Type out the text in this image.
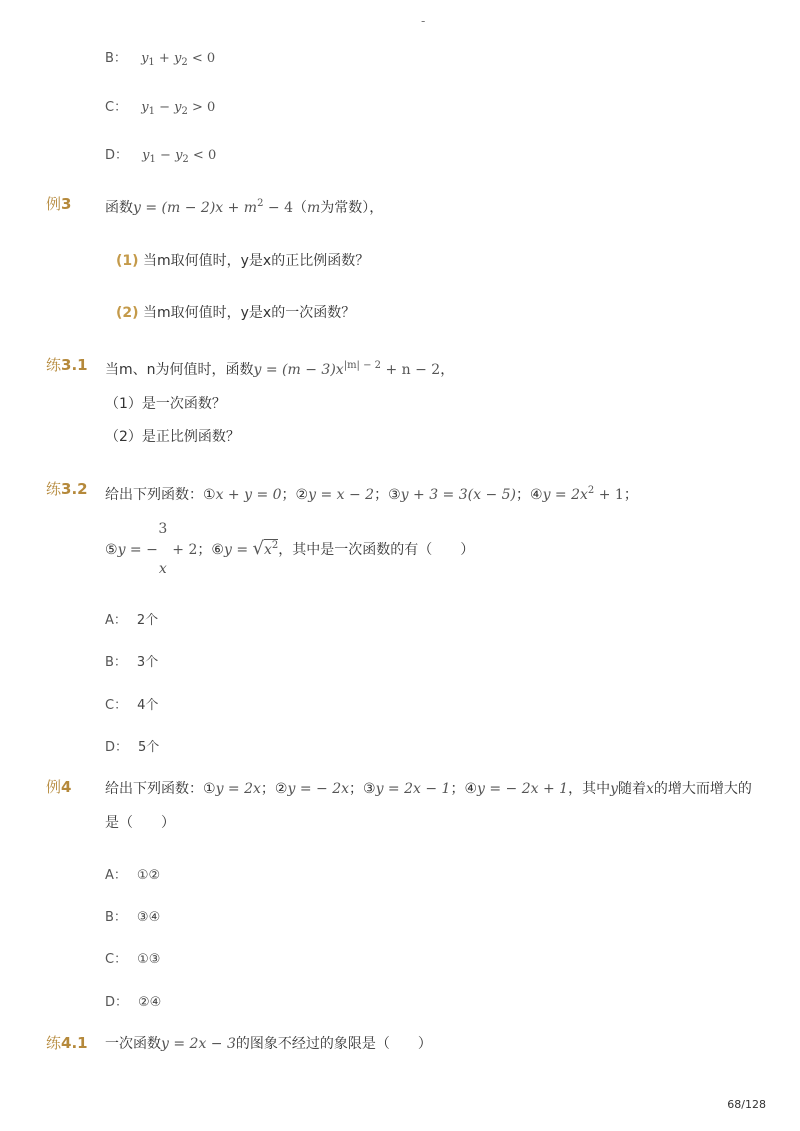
-
B： $y_1 + y_2 < 0$
C： $y_1 - y_2 > 0$
D： $y_1 - y_2 < 0$
例3 函数$y = (m - 2)x + m^2 - 4(m$为常数），
(1) 当m取何值时，y是x的正比例函数？
(2) 当m取何值时，y是x的一次函数？
练3.1 当m、n为何值时，函数$y = (m - 3)x^{|m| - 2} + n - 2$，
（1）是一次函数？
（2）是正比例函数？
练3.2 给出下列函数：①x + y = 0；②y = x − 2；③y + 3 = 3(x − 5)；④y = $2x^2 + 1$；
⑤y = −
3
x
+ 2；⑥y = $√x^2$，其中是一次函数的有（　　）
A： 2个
B： 3个
C： 4个
D： 5个
例4 给出下列函数：①y = 2x；②y = − 2x；③y = 2x − 1；④y = − 2x + 1，其中y随着x的增大而增大的
是（　　）
A： ①②
B： ③④
C： ①③
D： ②④
练4.1 一次函数y = 2x − 3的图象不经过的象限是（　　）
68/128
